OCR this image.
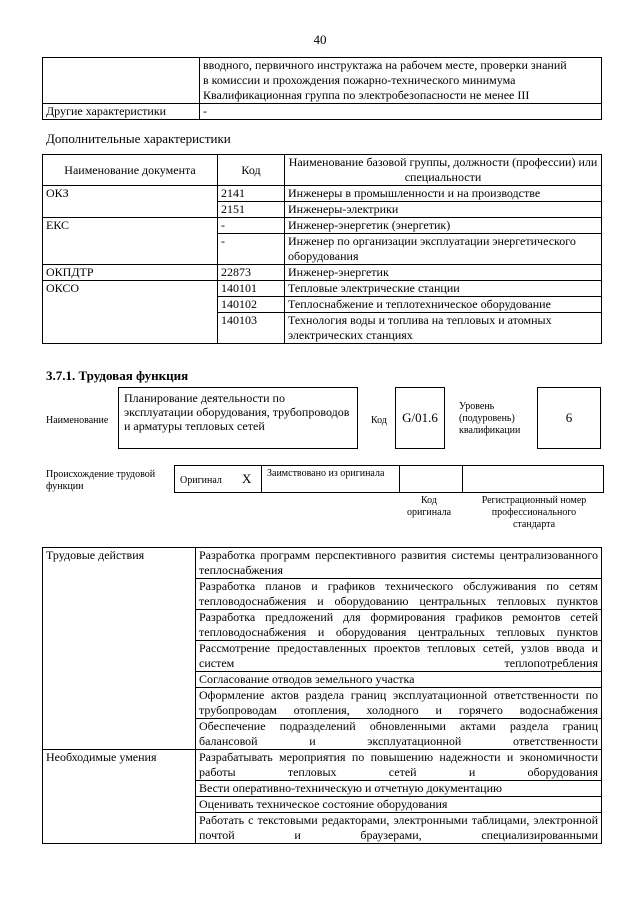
40

	вводного, первичного инструктажа на рабочем месте, проверки знаний
в комиссии и прохождения пожарно-технического минимума
Квалификационная группа по электробезопасности не менее III

Другие характеристики	-
Дополнительные характеристики
Наименование документа	Код	Наименование базовой группы, должности (профессии) или специальности
ОКЗ	2141	Инженеры в промышленности и на производстве
	2151	Инженеры-электрики
ЕКС	-	Инженер-энергетик (энергетик)
	-	Инженер по организации эксплуатации энергетического оборудования
ОКПДТР	22873	Инженер-энергетик
ОКСО	140101	Тепловые электрические станции
	140102	Теплоснабжение и теплотехническое оборудование
	140103	Технология воды и топлива на тепловых и атомных электрических станциях
3.7.1. Трудовая функция
Наименование
Планирование деятельности по эксплуатации оборудования, трубопроводов и арматуры тепловых сетей	Код G/01.6
Уровень (подуровень) квалификации
6
Происхождение трудовой функции
Оригинал X Заимствовано из оригинала
Код оригинала
Регистрационный номер профессионального стандарта
Трудовые действия	Разработка программ перспективного развития системы централизованного теплоснабжения
	Разработка планов и графиков технического обслуживания по сетям тепловодоснабжения и оборудованию центральных тепловых пунктов
	Разработка предложений для формирования графиков ремонтов сетей тепловодоснабжения и оборудования центральных тепловых пунктов
	Рассмотрение предоставленных проектов тепловых сетей, узлов ввода и систем теплопотребления
	Согласование отводов земельного участка
	Оформление актов раздела границ эксплуатационной ответственности по трубопроводам отопления, холодного и горячего водоснабжения
	Обеспечение подразделений обновленными актами раздела границ балансовой и эксплуатационной ответственности
Необходимые умения	Разрабатывать мероприятия по повышению надежности и экономичности работы тепловых сетей и оборудования
	Вести оперативно-техническую и отчетную документацию
	Оценивать техническое состояние оборудования
	Работать с текстовыми редакторами, электронными таблицами, электронной почтой и браузерами, специализированными
